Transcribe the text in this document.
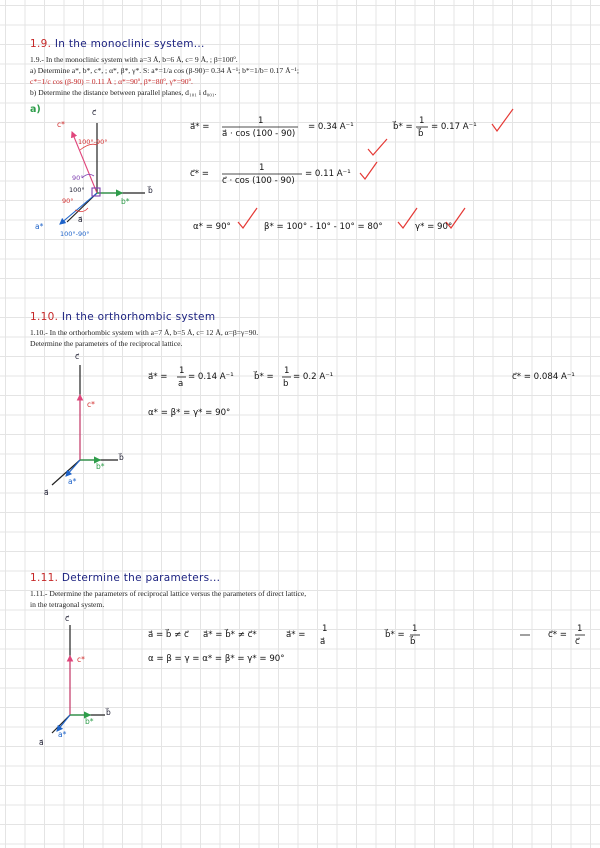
1.9. In the monoclinic system...
1.9.- In the monoclinic system with a=3 Å, b=6 Å, c= 9 Å, ; β=100º.
a) Determine a*, b*, c*, ; α*, β*, γ*. S: a*=1/a cos (β-90)= 0.34 Å⁻¹; b*=1/b= 0.17 Å⁻¹;
c*=1/c cos (β-90) = 0.11 Å ; α*=90º, β*=80º, γ*=90º.
b) Determine the distance between parallel planes, d₁₀₁ i d₀₀₁.
a)	c⃗
c*
100°-90°
90°
100°
90°	b*
b⃗
a⃗
a*
100°-90°
a⃗* =
1
a⃗ · cos (100 - 90)
= 0.34 A⁻¹	b⃗* =
1
b⃗
= 0.17 A⁻¹
c⃗* =
1
c⃗ · cos (100 - 90)
= 0.11 A⁻¹
α* = 90°	β* = 100° - 10° - 10° = 80°	γ* = 90°
1.10. In the orthorhombic system
1.10.- In the orthorhombic system with a=7 Å, b=5 Å, c= 12 Å, α=β=γ=90.
Determine the parameters of the reciprocal lattice.
c⃗
c*
b*
b⃗
a*
a⃗
a⃗* =
1
a
= 0.14 A⁻¹ b⃗* =
1
b
= 0.2 A⁻¹	c⃗* = 0.084 A⁻¹
α* = β* = γ* = 90°
1.11. Determine the parameters...
1.11.- Determine the parameters of reciprocal lattice versus the parameters of direct lattice,
in the tetragonal system.
c⃗
c*
b*
b⃗
a*
a⃗
a⃗ = b⃗ ≠ c⃗ a⃗* = b⃗* ≠ c⃗*	a⃗* =
1
a⃗
b⃗* =
1
b⃗
c⃗* =
1
c⃗
α = β = γ = α* = β* = γ* = 90°
